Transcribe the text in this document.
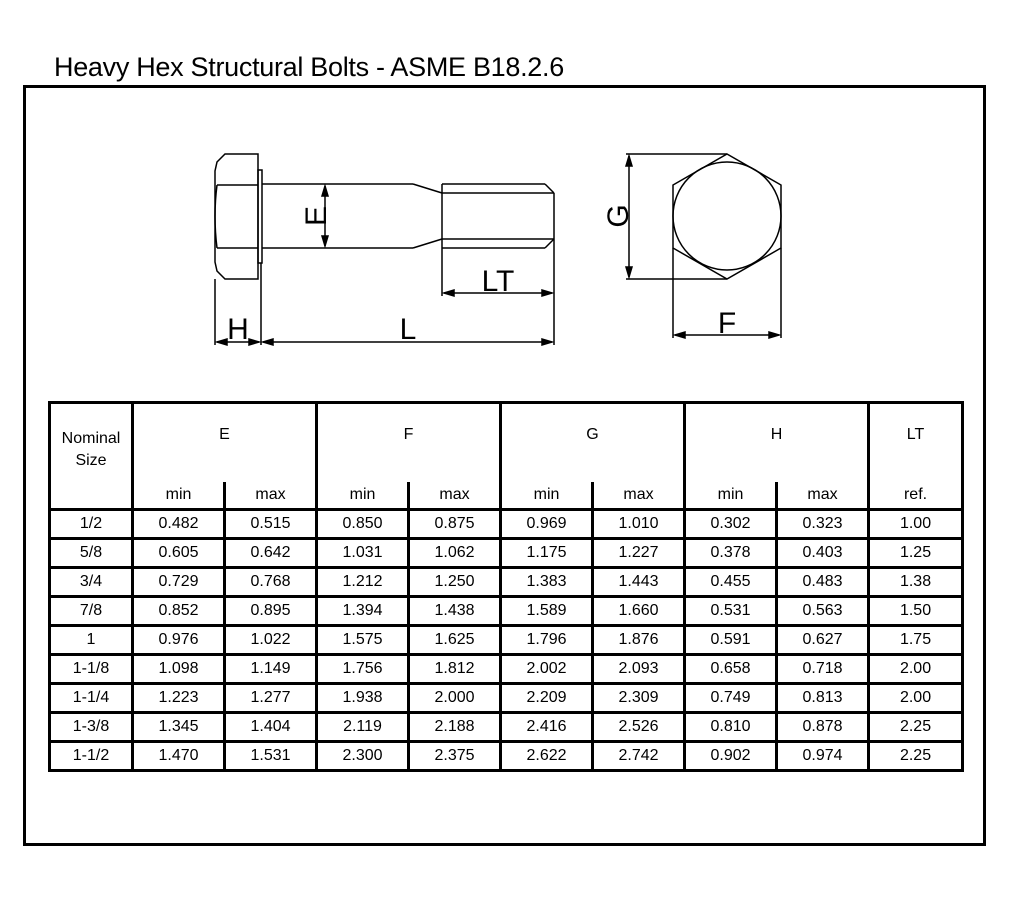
Heavy Hex Structural Bolts - ASME B18.2.6
E
LT
H	L
G
F
Nominal
Size	E		F		G		H		LT
	min	max	min	max	min	max	min	max	ref.
1/2	0.482	0.515	0.850	0.875	0.969	1.010	0.302	0.323	1.00
5/8	0.605	0.642	1.031	1.062	1.175	1.227	0.378	0.403	1.25
3/4	0.729	0.768	1.212	1.250	1.383	1.443	0.455	0.483	1.38
7/8	0.852	0.895	1.394	1.438	1.589	1.660	0.531	0.563	1.50
1	0.976	1.022	1.575	1.625	1.796	1.876	0.591	0.627	1.75
1-1/8	1.098	1.149	1.756	1.812	2.002	2.093	0.658	0.718	2.00
1-1/4	1.223	1.277	1.938	2.000	2.209	2.309	0.749	0.813	2.00
1-3/8	1.345	1.404	2.119	2.188	2.416	2.526	0.810	0.878	2.25
1-1/2	1.470	1.531	2.300	2.375	2.622	2.742	0.902	0.974	2.25
